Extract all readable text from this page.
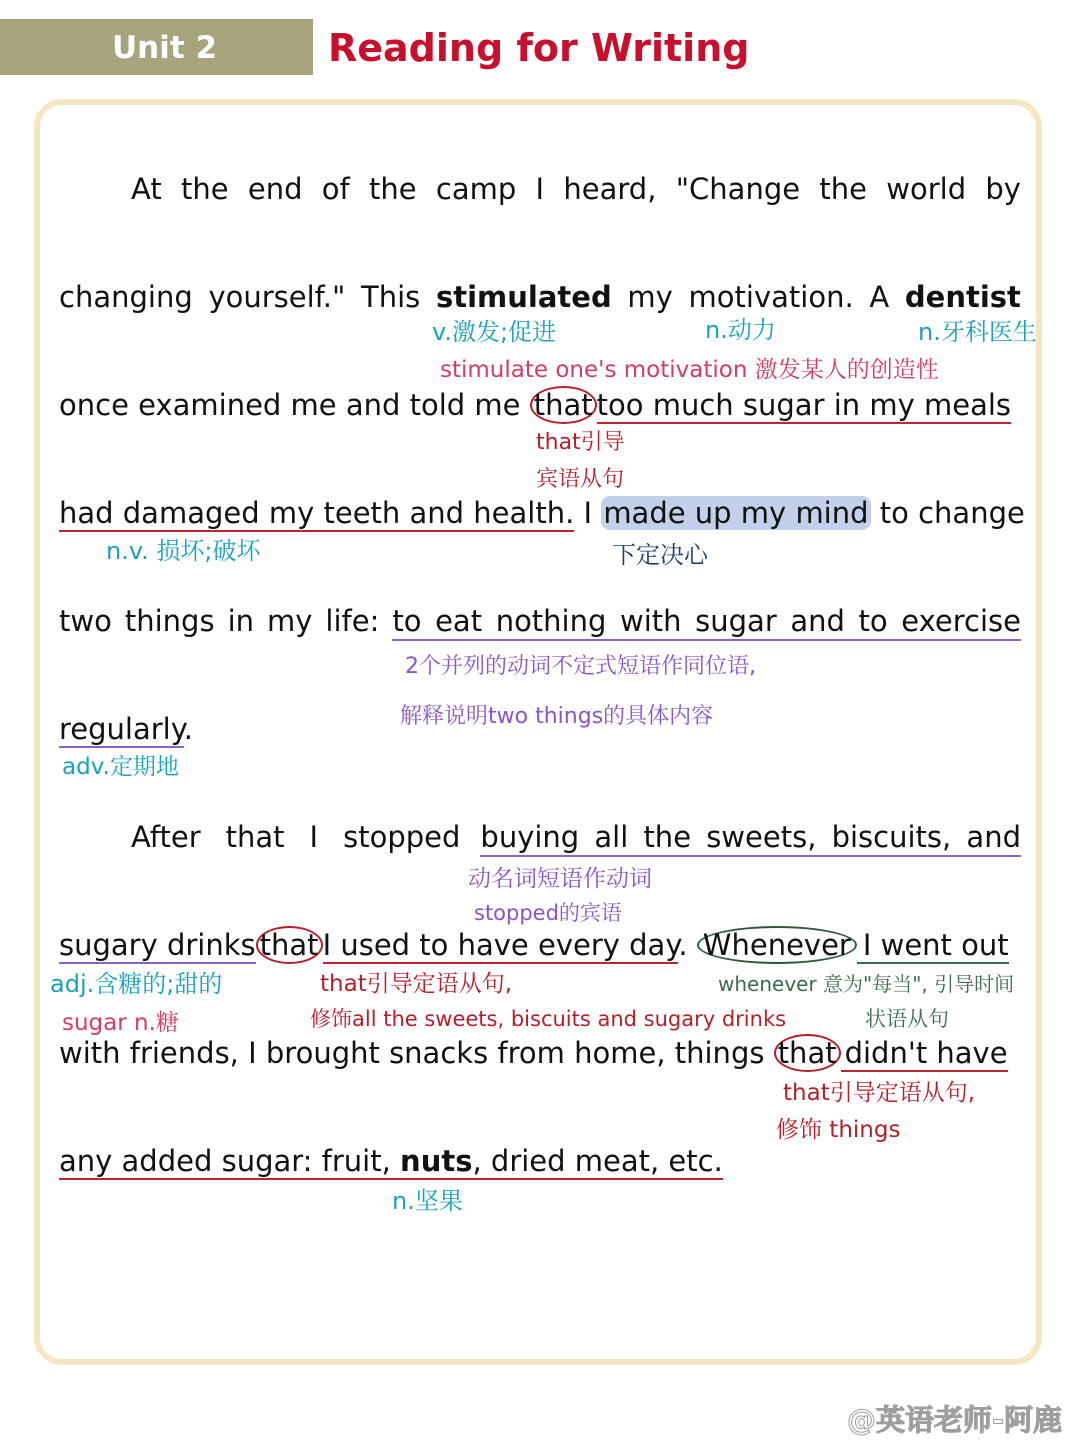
Unit 2	Reading for Writing
At the end of the camp I heard, "Change the world by
changing yourself." This stimulated my motivation. A dentist
v.激发;促进	n.动力	n.牙科医生
stimulate one's motivation 激发某人的创造性
once examined me and told me that too much sugar in my meals
that引导
宾语从句
had damaged my teeth and health. I made up my mind to change
n.v. 损坏;破坏	下定决心
two things in my life: to eat nothing with sugar and to exercise
2个并列的动词不定式短语作同位语,
解释说明two things的具体内容
regularly.
adv.定期地
After that I stopped buying all the sweets, biscuits, and
动名词短语作动词
stopped的宾语
sugary drinks that I used to have every day. Whenever I went out
adj.含糖的;甜的
sugar n.糖
that引导定语从句,
修饰all the sweets, biscuits and sugary drinks
whenever 意为"每当", 引导时间
状语从句
with friends, I brought snacks from home, things that didn't have
that引导定语从句,
修饰 things
any added sugar: fruit, nuts, dried meat, etc.
n.坚果
@英语老师-阿鹿
